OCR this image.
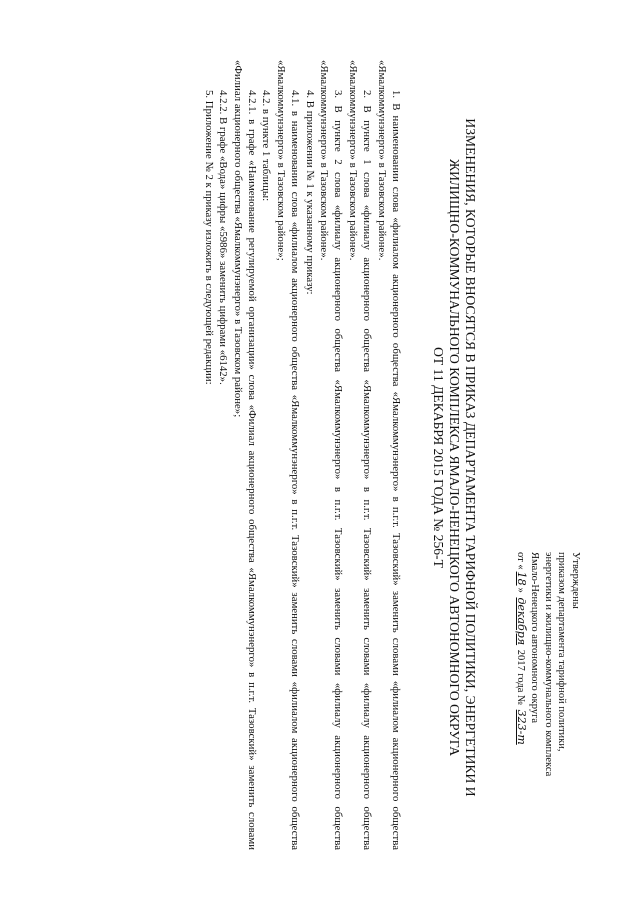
Утверждены
приказом департамента тарифной политики,
энергетики и жилищно-коммунального комплекса
Ямало-Ненецкого автономного округа
от «18» декабря 2017 года № 323-т
ИЗМЕНЕНИЯ, КОТОРЫЕ ВНОСЯТСЯ В ПРИКАЗ ДЕПАРТАМЕНТА ТАРИФНОЙ ПОЛИТИКИ, ЭНЕРГЕТИКИ И
ЖИЛИЩНО-КОММУНАЛЬНОГО КОМПЛЕКСА ЯМАЛО-НЕНЕЦКОГО АВТОНОМНОГО ОКРУГА
ОТ 11 ДЕКАБРЯ 2015 ГОДА № 256-Т

1. В наименовании слова «филиалом акционерного общества «Ямалкоммунэнерго» в п.г.т. Тазовский» заменить словами «филиалом акционерного общества «Ямалкоммунэнерго» в Тазовском районе».

2. В пункте 1 слова «филиалу акционерного общества «Ямалкоммунэнерго» в п.г.т. Тазовский» заменить словами «филиалу акционерного общества «Ямалкоммунэнерго» в Тазовском районе».

3. В пункте 2 слова «филиалу акционерного общества «Ямалкоммунэнерго» в п.г.т. Тазовский» заменить словами «филиалу акционерного общества «Ямалкоммунэнерго» в Тазовском районе».

4. В приложении № 1 к указанному приказу:

4.1. в наименовании слова «филиалом акционерного общества «Ямалкоммунэнерго» в п.г.т. Тазовский» заменить словами «филиалом акционерного общества «Ямалкоммунэнерго» в Тазовском районе»;

4.2. в пункте 1 таблицы:

4.2.1. в графе «Наименование регулируемой организации» слова «Филиал акционерного общества «Ямалкоммунэнерго» в п.г.т. Тазовский» заменить словами «Филиал акционерного общества «Ямалкоммунэнерго» в Тазовском районе»;

4.2.2. В графе «Вода» цифры «5986» заменить цифрами «6142».

5. Приложение № 2 к приказу изложить в следующей редакции:
